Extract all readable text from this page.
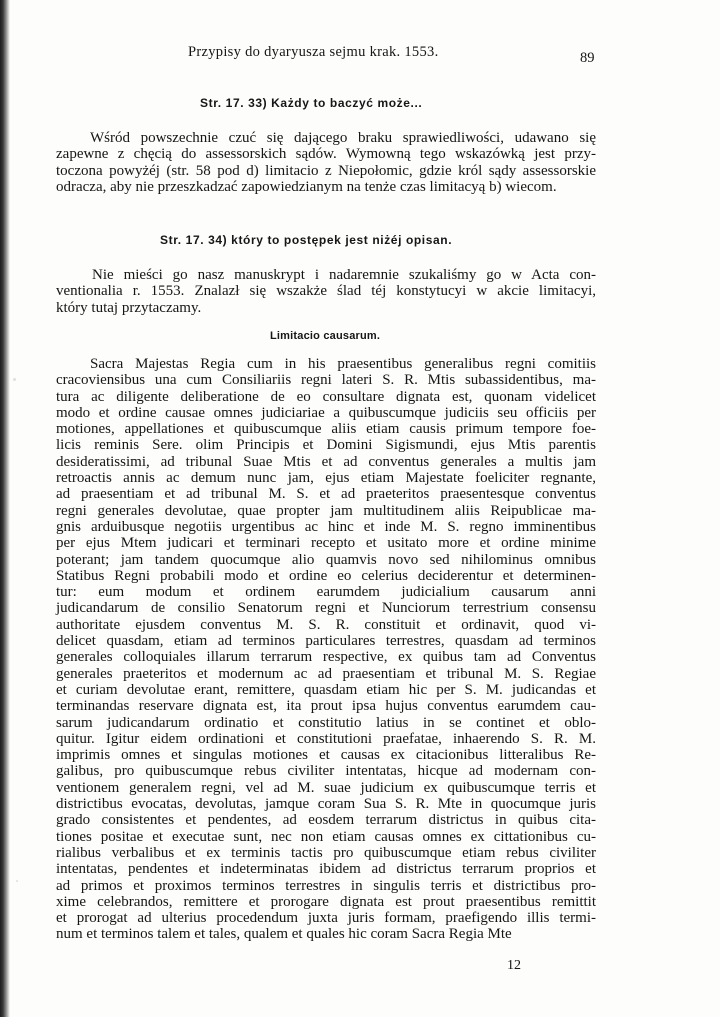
Przypisy do dyaryusza sejmu krak. 1553.	89
Str. 17. 33) Każdy to baczyć może...
Wśród powszechnie czuć się dającego braku sprawiedliwości, udawano się
zapewne z chęcią do assessorskich sądów. Wymowną tego wskazówką jest przy-
toczona powyżéj (str. 58 pod d) limitacio z Niepołomic, gdzie król sądy assessorskie
odracza, aby nie przeszkadzać zapowiedzianym na tenże czas limitacyą b) wiecom.
Str. 17. 34) który to postępek jest niżéj opisan.
Nie mieści go nasz manuskrypt i nadaremnie szukaliśmy go w Acta con-
ventionalia r. 1553. Znalazł się wszakże ślad téj konstytucyi w akcie limitacyi,
który tutaj przytaczamy.
Limitacio causarum.
Sacra Majestas Regia cum in his praesentibus generalibus regni comitiis
cracoviensibus una cum Consiliariis regni lateri S. R. Mtis subassidentibus, ma-
tura ac diligente deliberatione de eo consultare dignata est, quonam videlicet
modo et ordine causae omnes judiciariae a quibuscumque judiciis seu officiis per
motiones, appellationes et quibuscumque aliis etiam causis primum tempore foe-
licis reminis Sere. olim Principis et Domini Sigismundi, ejus Mtis parentis
desideratissimi, ad tribunal Suae Mtis et ad conventus generales a multis jam
retroactis annis ac demum nunc jam, ejus etiam Majestate foeliciter regnante,
ad praesentiam et ad tribunal M. S. et ad praeteritos praesentesque conventus
regni generales devolutae, quae propter jam multitudinem aliis Reipublicae ma-
gnis arduibusque negotiis urgentibus ac hinc et inde M. S. regno imminentibus
per ejus Mtem judicari et terminari recepto et usitato more et ordine minime
poterant; jam tandem quocumque alio quamvis novo sed nihilominus omnibus
Statibus Regni probabili modo et ordine eo celerius deciderentur et determinen-
tur: eum modum et ordinem earumdem judicialium causarum anni
judicandarum de consilio Senatorum regni et Nunciorum terrestrium consensu
authoritate ejusdem conventus M. S. R. constituit et ordinavit, quod vi-
delicet quasdam, etiam ad terminos particulares terrestres, quasdam ad terminos
generales colloquiales illarum terrarum respective, ex quibus tam ad Conventus
generales praeteritos et modernum ac ad praesentiam et tribunal M. S. Regiae
et curiam devolutae erant, remittere, quasdam etiam hic per S. M. judicandas et
terminandas reservare dignata est, ita prout ipsa hujus conventus earumdem cau-
sarum judicandarum ordinatio et constitutio latius in se continet et oblo-
quitur. Igitur eidem ordinationi et constitutioni praefatae, inhaerendo S. R. M.
imprimis omnes et singulas motiones et causas ex citacionibus litteralibus Re-
galibus, pro quibuscumque rebus civiliter intentatas, hicque ad modernam con-
ventionem generalem regni, vel ad M. suae judicium ex quibuscumque terris et
districtibus evocatas, devolutas, jamque coram Sua S. R. Mte in quocumque juris
grado consistentes et pendentes, ad eosdem terrarum districtus in quibus cita-
tiones positae et executae sunt, nec non etiam causas omnes ex cittationibus cu-
rialibus verbalibus et ex terminis tactis pro quibuscumque etiam rebus civiliter
intentatas, pendentes et indeterminatas ibidem ad districtus terrarum proprios et
ad primos et proximos terminos terrestres in singulis terris et districtibus pro-
xime celebrandos, remittere et prorogare dignata est prout praesentibus remittit
et prorogat ad ulterius procedendum juxta juris formam, praefigendo illis termi-
num et terminos talem et tales, qualem et quales hic coram Sacra Regia Mte
12
